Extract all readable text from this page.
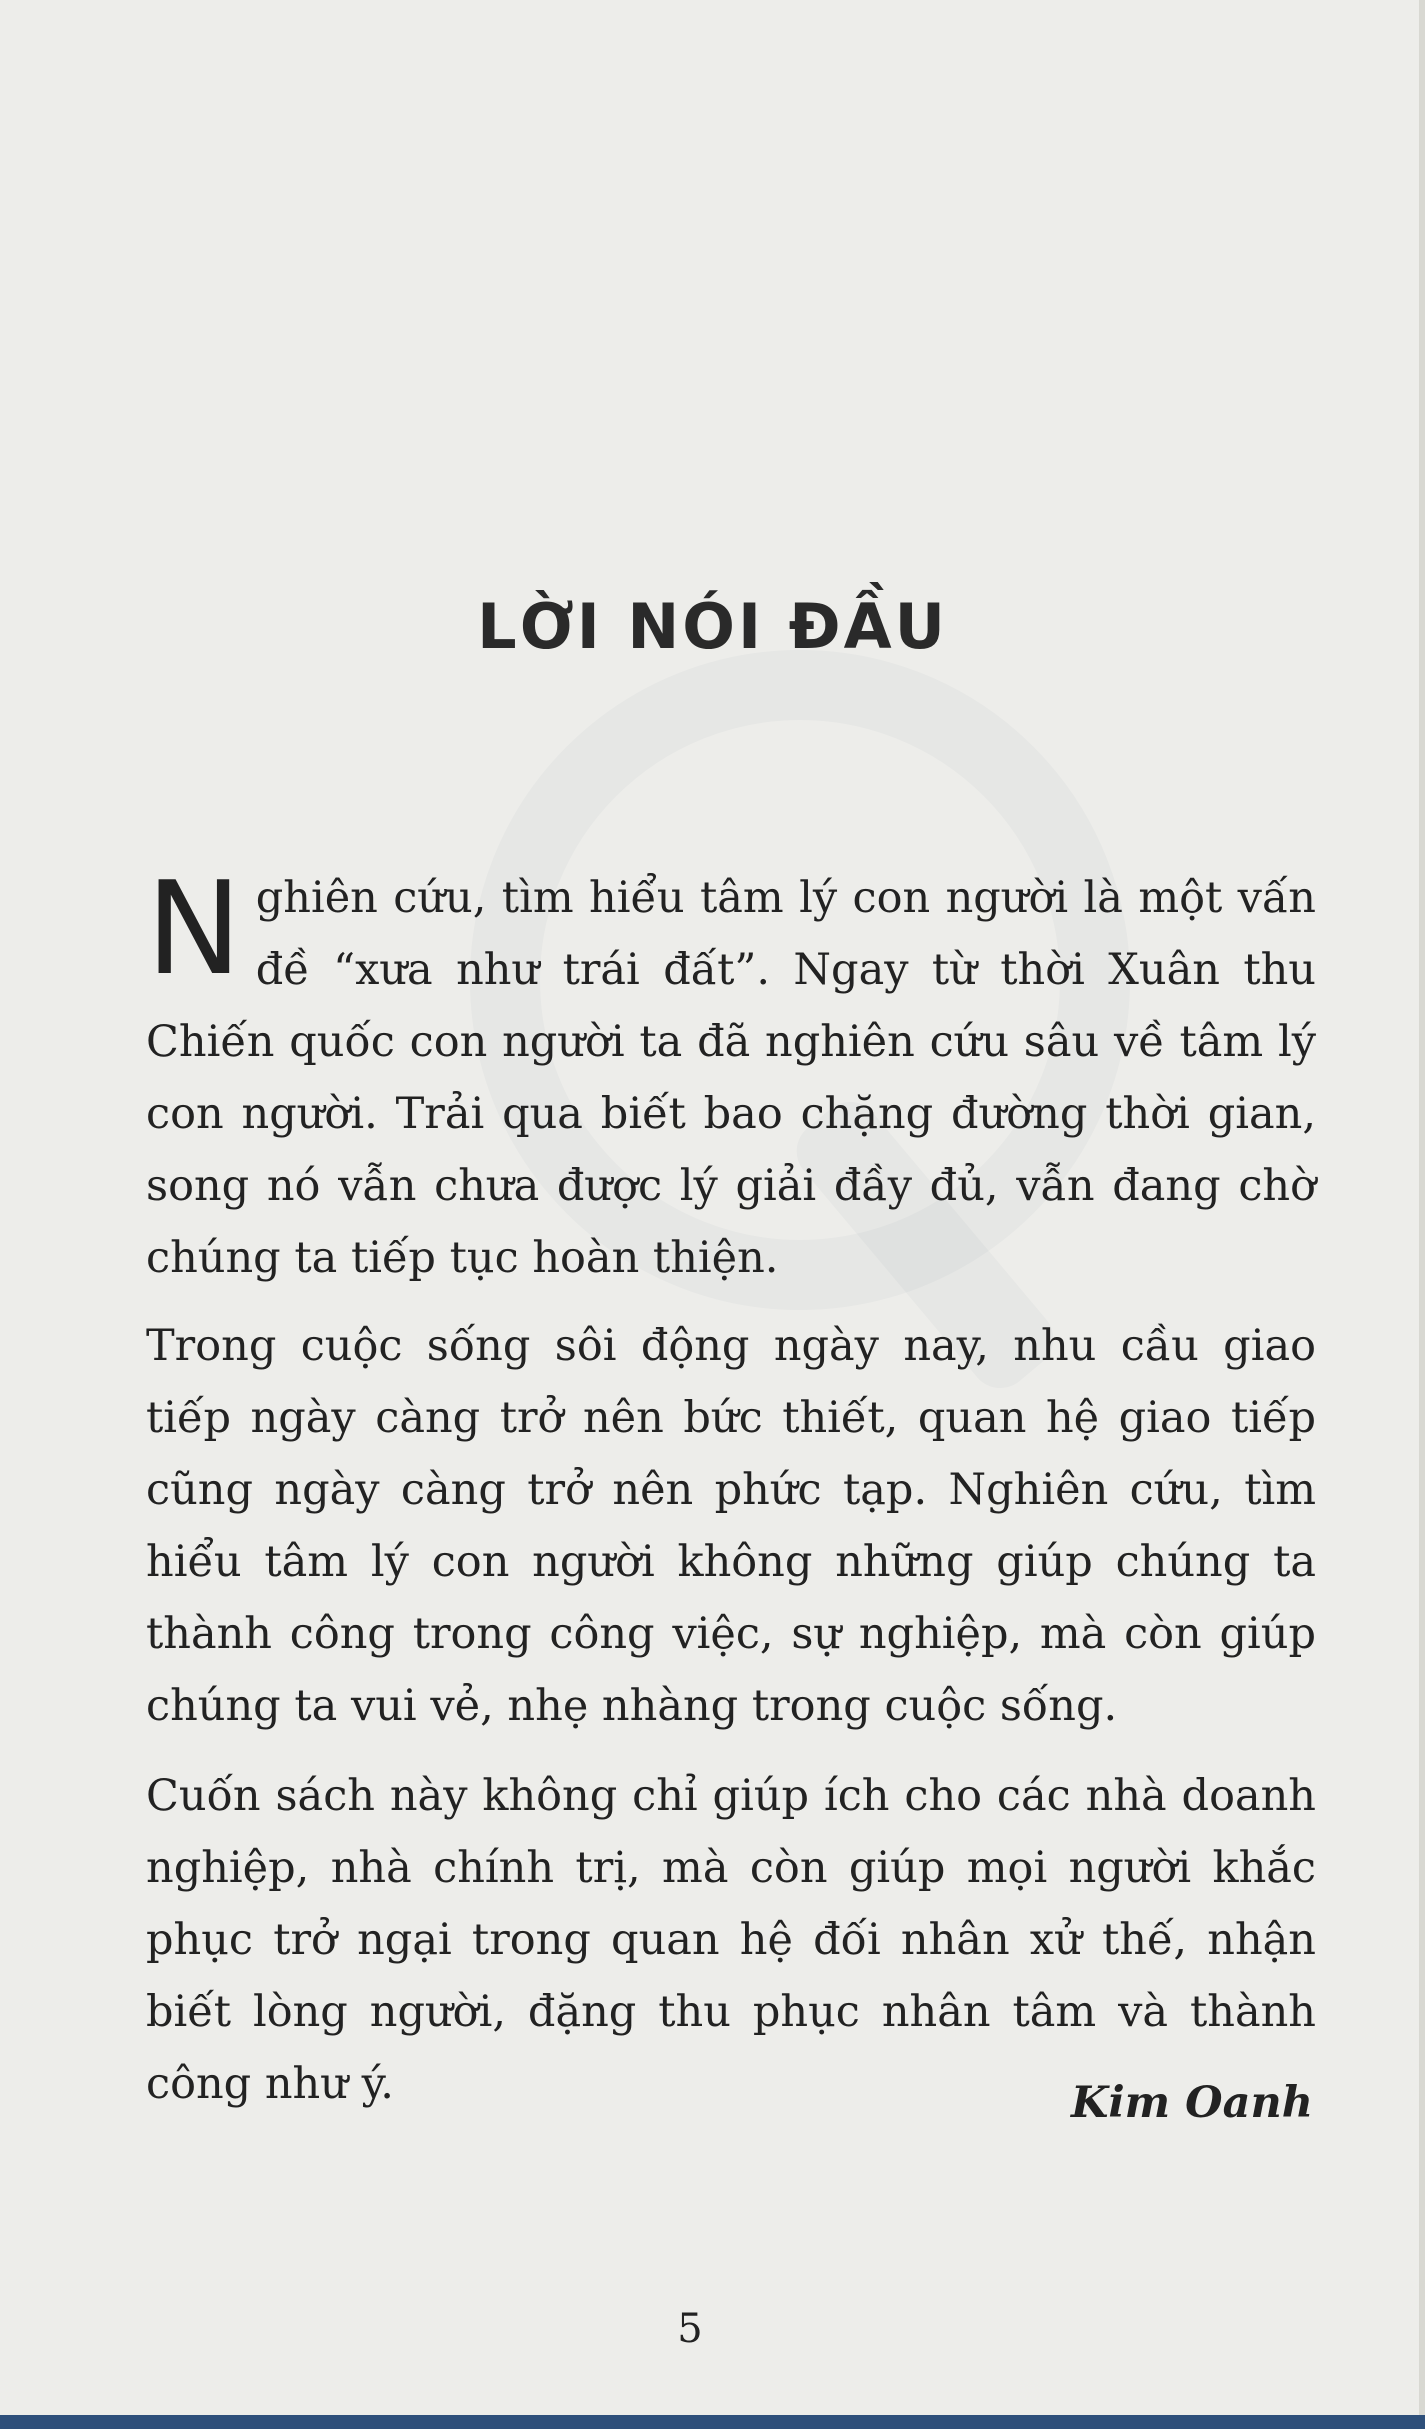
LỜI NÓI ĐẦU
Nghiên cứu, tìm hiểu tâm lý con người là một vấn đề “xưa như trái đất”. Ngay từ thời Xuân thu Chiến quốc con người ta đã nghiên cứu sâu về tâm lý con người. Trải qua biết bao chặng đường thời gian, song nó vẫn chưa được lý giải đầy đủ, vẫn đang chờ chúng ta tiếp tục hoàn thiện.
Trong cuộc sống sôi động ngày nay, nhu cầu giao tiếp ngày càng trở nên bức thiết, quan hệ giao tiếp cũng ngày càng trở nên phức tạp. Nghiên cứu, tìm hiểu tâm lý con người không những giúp chúng ta thành công trong công việc, sự nghiệp, mà còn giúp chúng ta vui vẻ, nhẹ nhàng trong cuộc sống.
Cuốn sách này không chỉ giúp ích cho các nhà doanh nghiệp, nhà chính trị, mà còn giúp mọi người khắc phục trở ngại trong quan hệ đối nhân xử thế, nhận biết lòng người, đặng thu phục nhân tâm và thành công như ý.	Kim Oanh
5
